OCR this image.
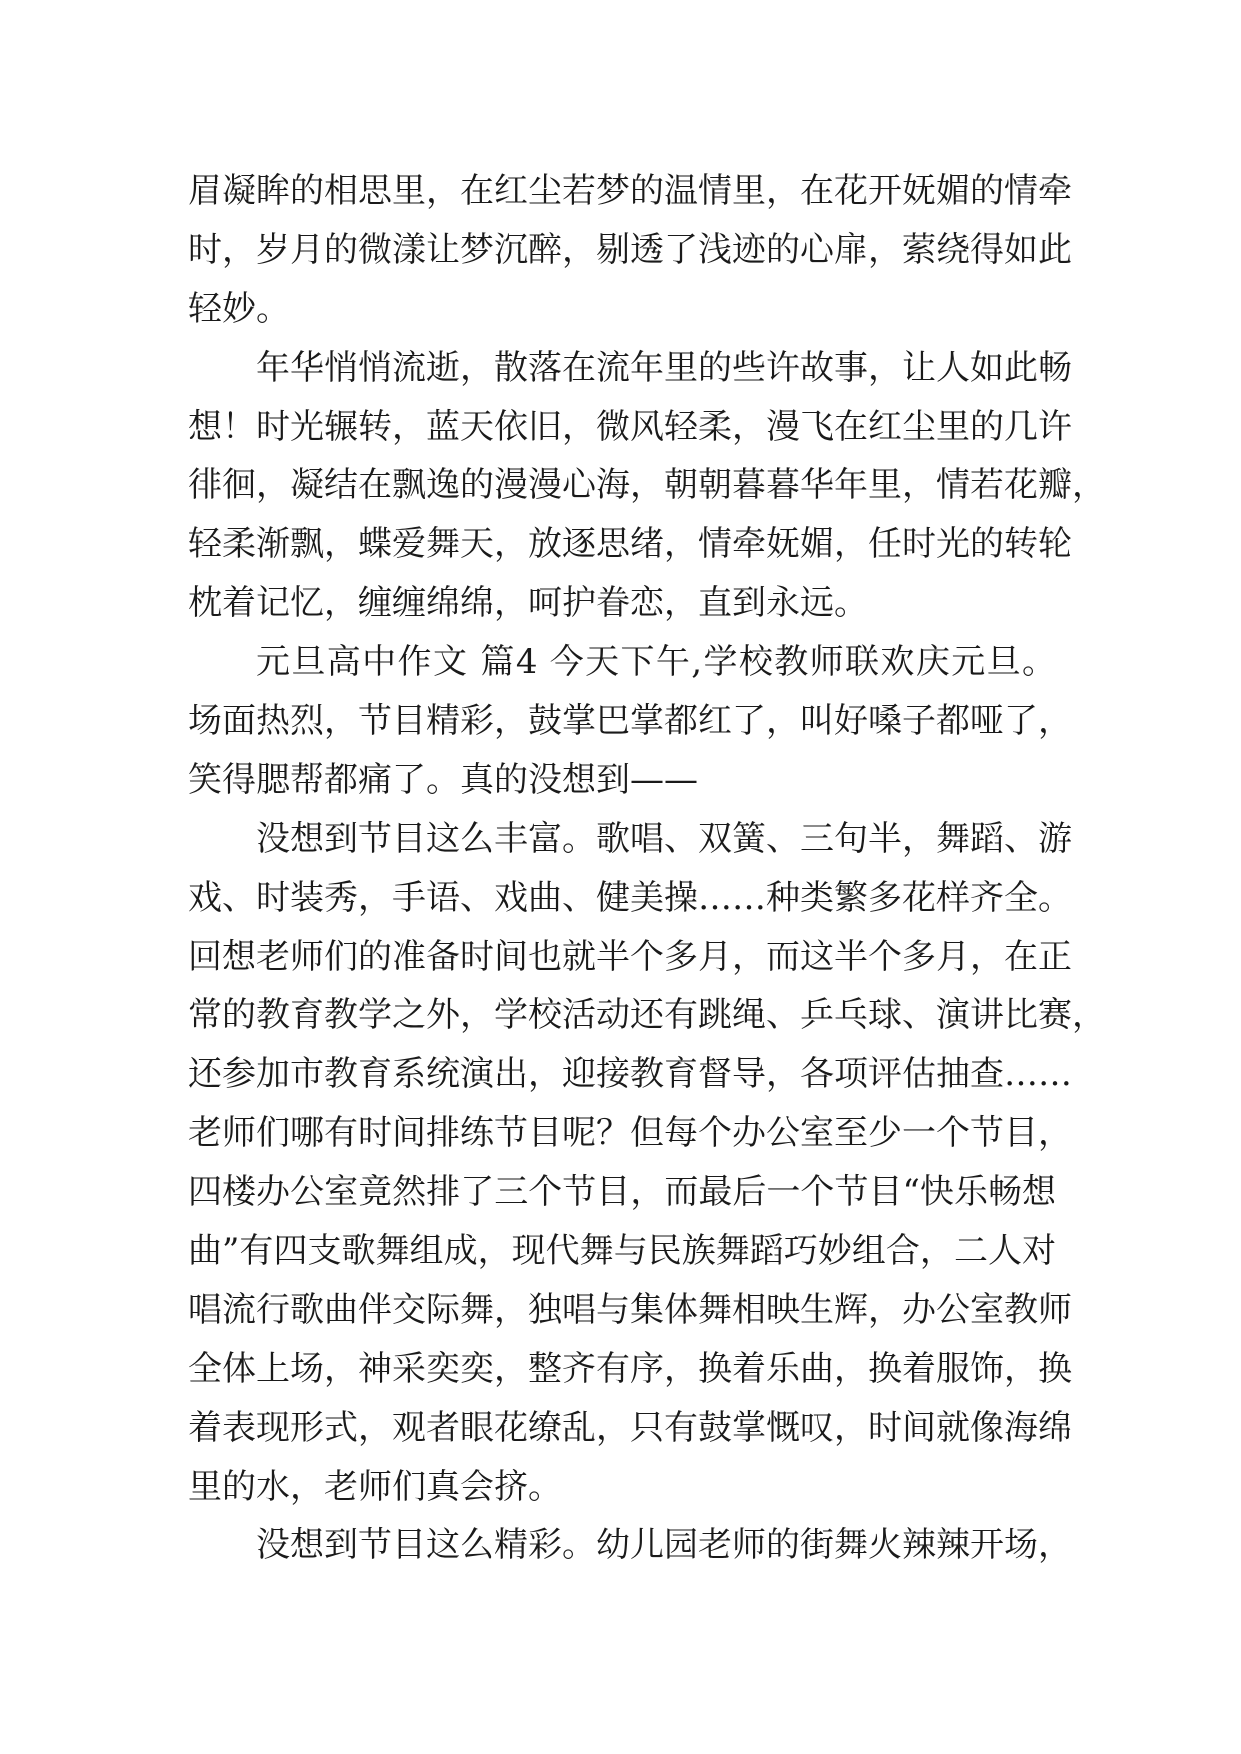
眉凝眸的相思里，在红尘若梦的温情里，在花开妩媚的情牵
时，岁月的微漾让梦沉醉，剔透了浅迹的心扉，萦绕得如此
轻妙。
年华悄悄流逝，散落在流年里的些许故事，让人如此畅
想！时光辗转，蓝天依旧，微风轻柔，漫飞在红尘里的几许
徘徊，凝结在飘逸的漫漫心海，朝朝暮暮华年里，情若花瓣，
轻柔渐飘，蝶爱舞天，放逐思绪，情牵妩媚，任时光的转轮
枕着记忆，缠缠绵绵，呵护眷恋，直到永远。
元旦高中作文 篇4 今天下午,学校教师联欢庆元旦。
场面热烈，节目精彩，鼓掌巴掌都红了，叫好嗓子都哑了，
笑得腮帮都痛了。真的没想到——
没想到节目这么丰富。歌唱、双簧、三句半，舞蹈、游
戏、时装秀，手语、戏曲、健美操……种类繁多花样齐全。
回想老师们的准备时间也就半个多月，而这半个多月，在正
常的教育教学之外，学校活动还有跳绳、乒乓球、演讲比赛，
还参加市教育系统演出，迎接教育督导，各项评估抽查……
老师们哪有时间排练节目呢？但每个办公室至少一个节目，
四楼办公室竟然排了三个节目，而最后一个节目“快乐畅想
曲”有四支歌舞组成，现代舞与民族舞蹈巧妙组合，二人对
唱流行歌曲伴交际舞，独唱与集体舞相映生辉，办公室教师
全体上场，神采奕奕，整齐有序，换着乐曲，换着服饰，换
着表现形式，观者眼花缭乱，只有鼓掌慨叹，时间就像海绵
里的水，老师们真会挤。
没想到节目这么精彩。幼儿园老师的街舞火辣辣开场，
